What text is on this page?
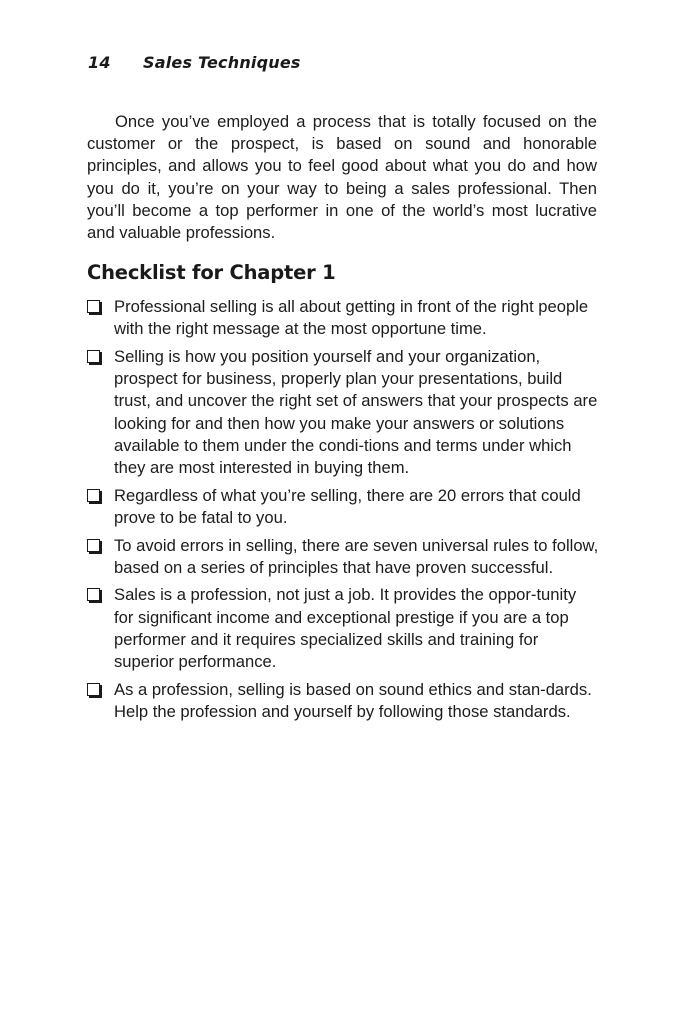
14 Sales Techniques

Once you’ve employed a process that is totally focused on the customer or the prospect, is based on sound and honorable principles, and allows you to feel good about what you do and how you do it, you’re on your way to being a sales professional. Then you’ll become a top performer in one of the world’s most lucrative and valuable professions.

Checklist for Chapter 1
Professional selling is all about getting in front of the right people with the right message at the most opportune time.
Selling is how you position yourself and your organization, prospect for business, properly plan your presentations, build trust, and uncover the right set of answers that your prospects are looking for and then how you make your answers or solutions available to them under the condi-tions and terms under which they are most interested in buying them.
Regardless of what you’re selling, there are 20 errors that could prove to be fatal to you.
To avoid errors in selling, there are seven universal rules to follow, based on a series of principles that have proven successful.
Sales is a profession, not just a job. It provides the oppor-tunity for significant income and exceptional prestige if you are a top performer and it requires specialized skills and training for superior performance.
As a profession, selling is based on sound ethics and stan-dards. Help the profession and yourself by following those standards.
